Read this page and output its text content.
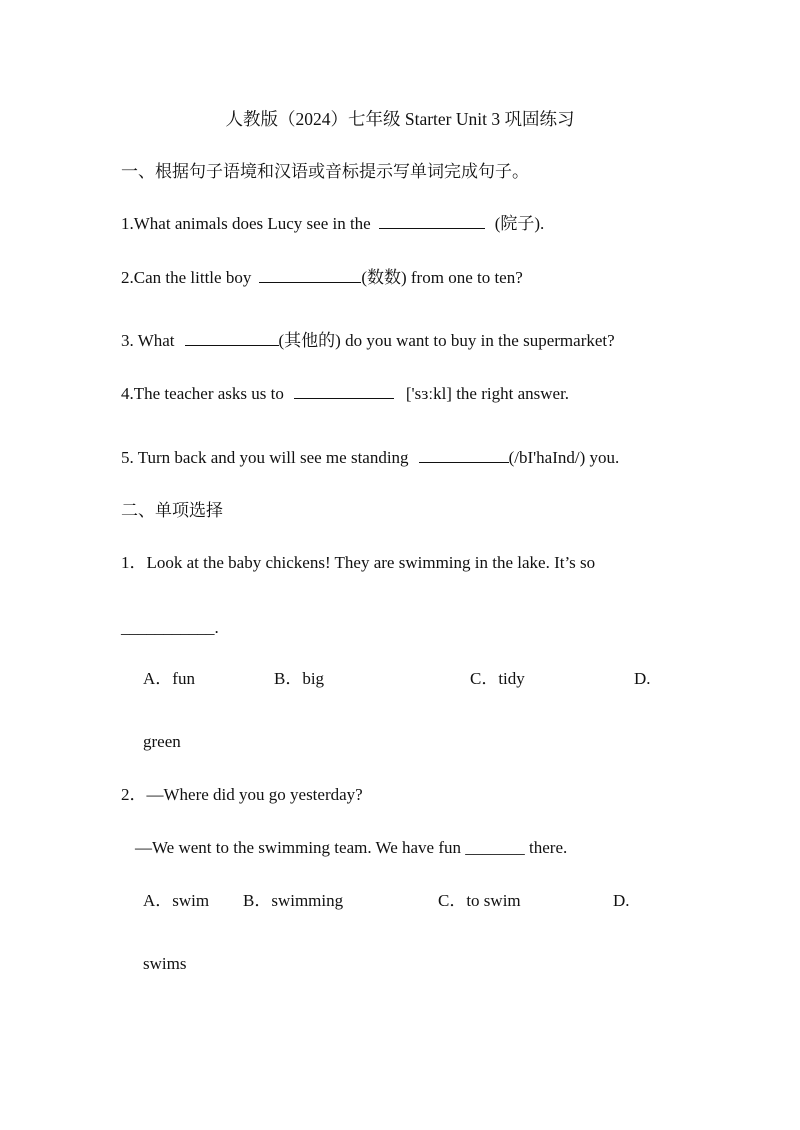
人教版（2024）七年级 Starter Unit 3 巩固练习
一、根据句子语境和汉语或音标提示写单词完成句子。
1.What animals does Lucy see in the	(院子).
2.Can the little boy	(数数) from one to ten?
3. What	(其他的) do you want to buy in the supermarket?
4.The teacher asks us to	['sɜːkl] the right answer.
5. Turn back and you will see me standing	(/bI'haInd/) you.
二、单项选择
1．Look at the baby chickens! They are swimming in the lake. It’s so
___________.
A．fun	B．big	C．tidy	D.
green
2．—Where did you go yesterday?
—We went to the swimming team. We have fun _______ there.
A．swim B．swimming	C．to swim	D.
swims
